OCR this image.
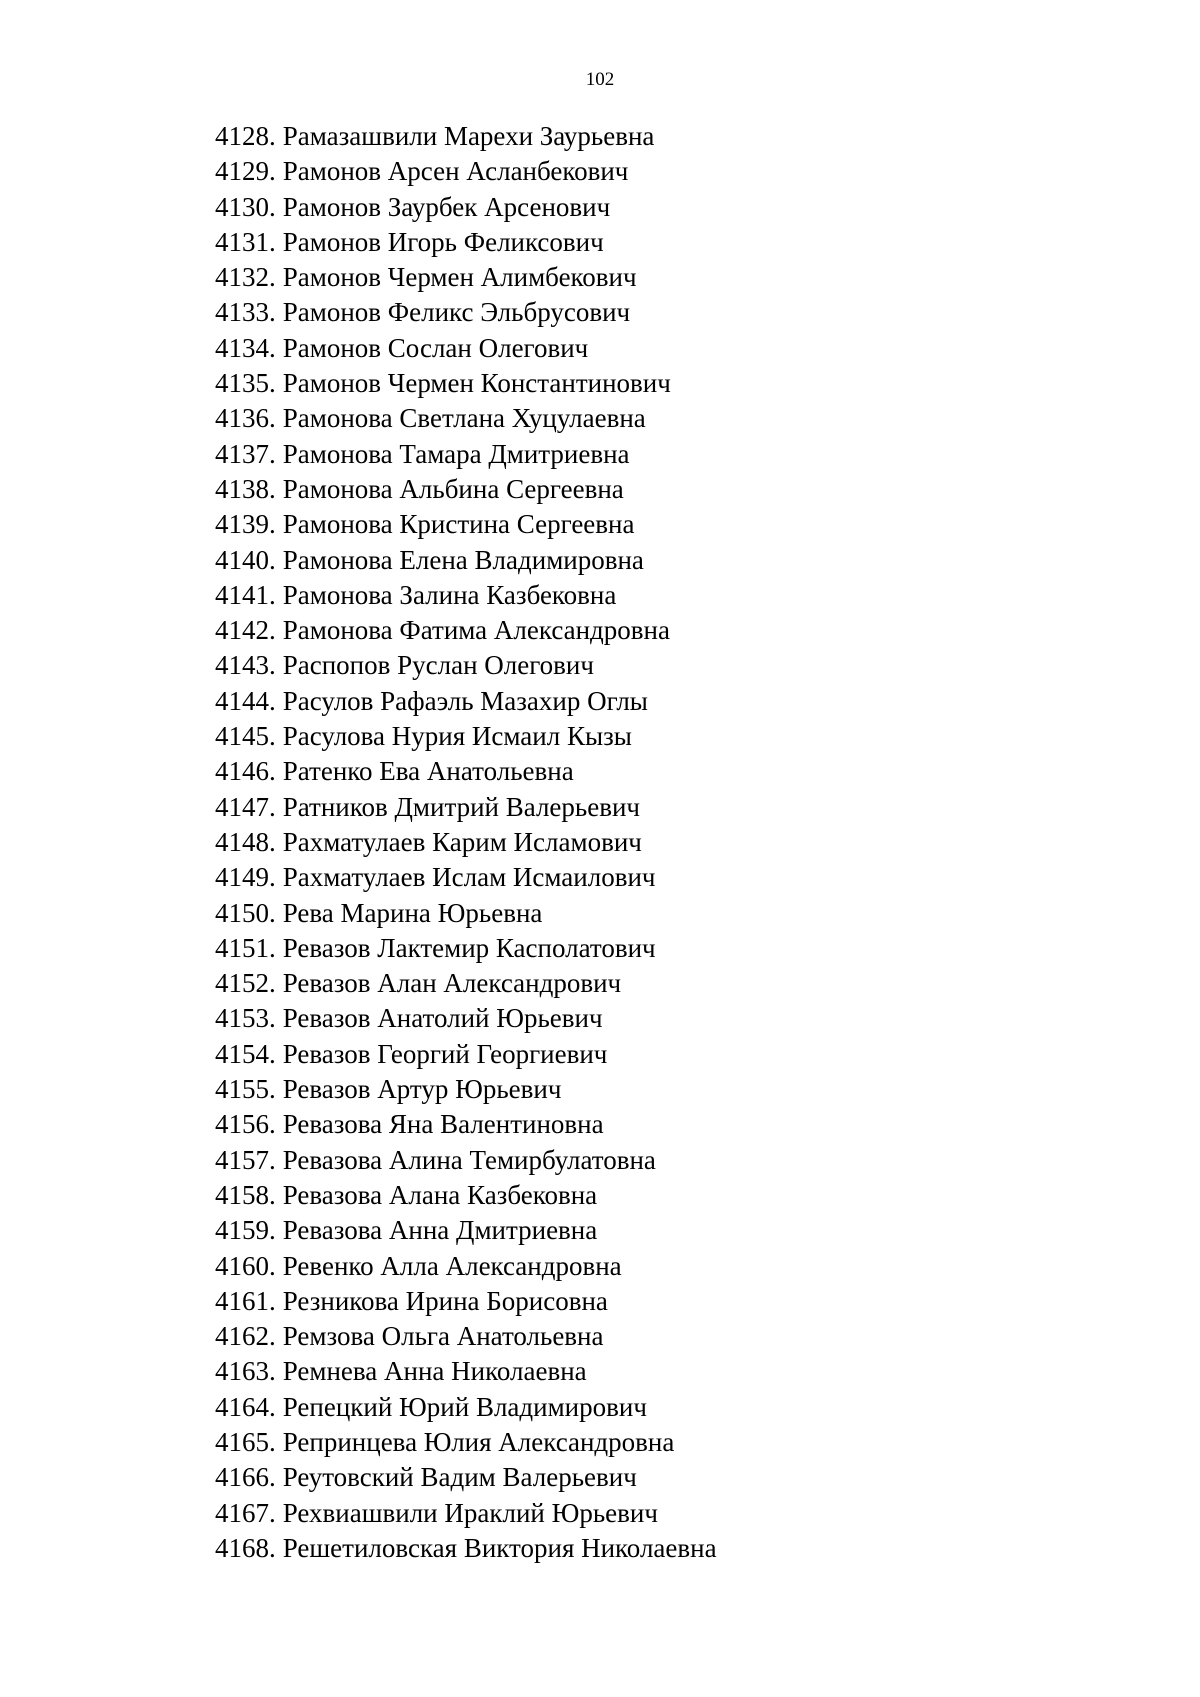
102
4128. Рамазашвили Марехи Заурьевна
4129. Рамонов Арсен Асланбекович
4130. Рамонов Заурбек Арсенович
4131. Рамонов Игорь Феликсович
4132. Рамонов Чермен Алимбекович
4133. Рамонов Феликс Эльбрусович
4134. Рамонов Сослан Олегович
4135. Рамонов Чермен Константинович
4136. Рамонова Светлана Хуцулаевна
4137. Рамонова Тамара Дмитриевна
4138. Рамонова Альбина Сергеевна
4139. Рамонова Кристина Сергеевна
4140. Рамонова Елена Владимировна
4141. Рамонова Залина Казбековна
4142. Рамонова Фатима Александровна
4143. Распопов Руслан Олегович
4144. Расулов Рафаэль Мазахир Оглы
4145. Расулова Нурия Исмаил Кызы
4146. Ратенко Ева Анатольевна
4147. Ратников Дмитрий Валерьевич
4148. Рахматулаев Карим Исламович
4149. Рахматулаев Ислам Исмаилович
4150. Рева Марина Юрьевна
4151. Ревазов Лактемир Касполатович
4152. Ревазов Алан Александрович
4153. Ревазов Анатолий Юрьевич
4154. Ревазов Георгий Георгиевич
4155. Ревазов Артур Юрьевич
4156. Ревазова Яна Валентиновна
4157. Ревазова Алина Темирбулатовна
4158. Ревазова Алана Казбековна
4159. Ревазова Анна Дмитриевна
4160. Ревенко Алла Александровна
4161. Резникова Ирина Борисовна
4162. Ремзова Ольга Анатольевна
4163. Ремнева Анна Николаевна
4164. Репецкий Юрий Владимирович
4165. Репринцева Юлия Александровна
4166. Реутовский Вадим Валерьевич
4167. Рехвиашвили Ираклий Юрьевич
4168. Решетиловская Виктория Николаевна
